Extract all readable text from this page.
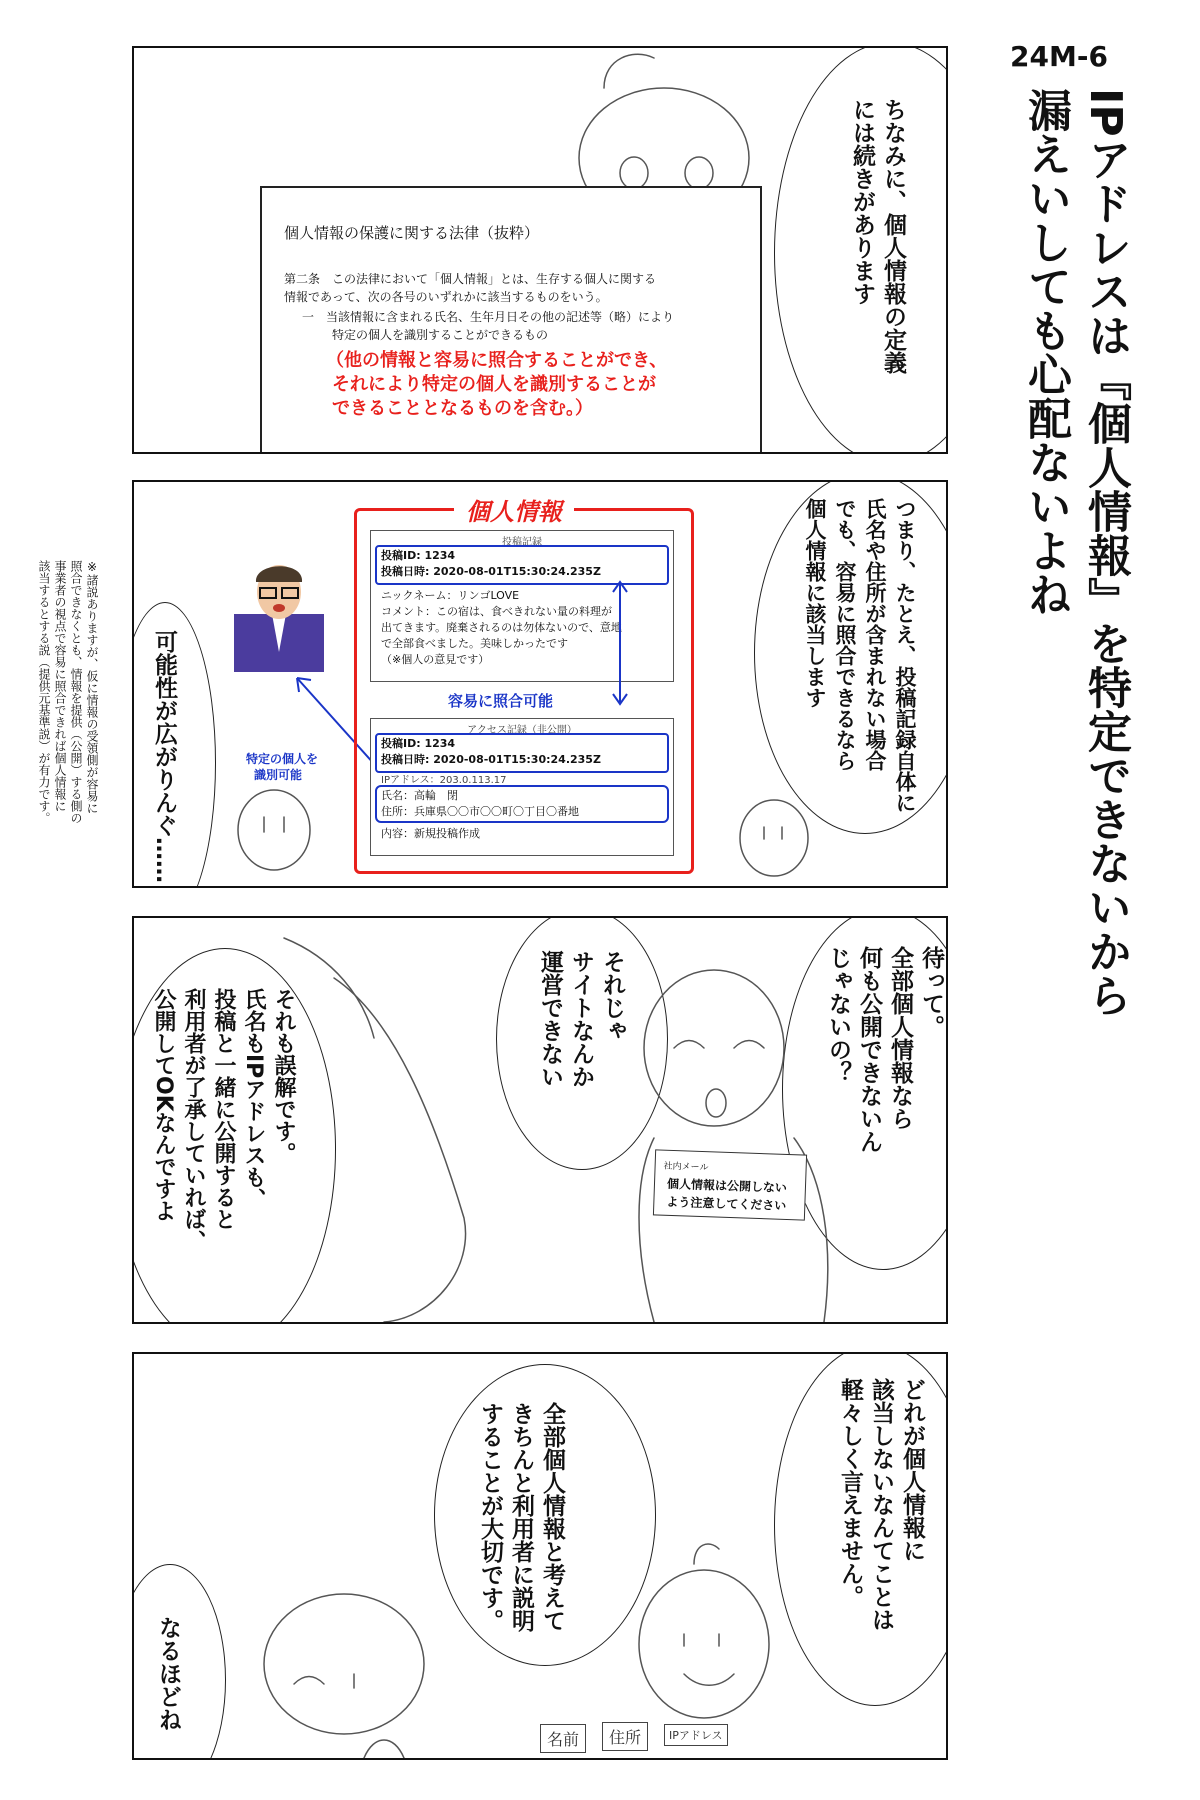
24M-6
IPアドレスは『個人情報』を特定できないから
漏えいしても心配ないよね
ちなみに、個人情報の定義
には続きがあります
個人情報の保護に関する法律（抜粋）
第二条　この法律において「個人情報」とは、生存する個人に関する
情報であって、次の各号のいずれかに該当するものをいう。
一　当該情報に含まれる氏名、生年月日その他の記述等（略）により
特定の個人を識別することができるもの
（他の情報と容易に照合することができ、
それにより特定の個人を識別することが
できることとなるものを含む。）
可能性が広がりんぐ……	つまり、たとえ、投稿記録自体に
氏名や住所が含まれない場合
でも、容易に照合できるなら
個人情報に該当します
特定の個人を
識別可能
個人情報
投稿記録
投稿ID: 1234
投稿日時: 2020-08-01T15:30:24.235Z
ニックネーム：リンゴLOVE
コメント：この宿は、食べきれない量の料理が
出てきます。廃棄されるのは勿体ないので、意地
で全部食べました。美味しかったです
（※個人の意見です）
容易に照合可能
アクセス記録（非公開）
投稿ID: 1234
投稿日時: 2020-08-01T15:30:24.235Z
IPアドレス：203.0.113.17
氏名：高輪　閉
住所：兵庫県〇〇市〇〇町〇丁目〇番地
内容：新規投稿作成
※諸説ありますが、仮に情報の受領側が容易に
照合できなくとも、情報を提供（公開）する側の
事業者の視点で容易に照合できれば個人情報に
該当するとする説（提供元基準説）が有力です。
それも誤解です。
氏名もIPアドレスも、
投稿と一緒に公開すると
利用者が了承していれば、
公開してOKなんですよ	それじゃ
サイトなんか
運営できない	待って。
全部個人情報なら
何も公開できないん
じゃないの？
社内メール
個人情報は公開しない
よう注意してください
なるほどね
全部個人情報と考えて
きちんと利用者に説明
することが大切です。	どれが個人情報に
該当しないなんてことは
軽々しく言えません。
名前	住所	IPアドレス
